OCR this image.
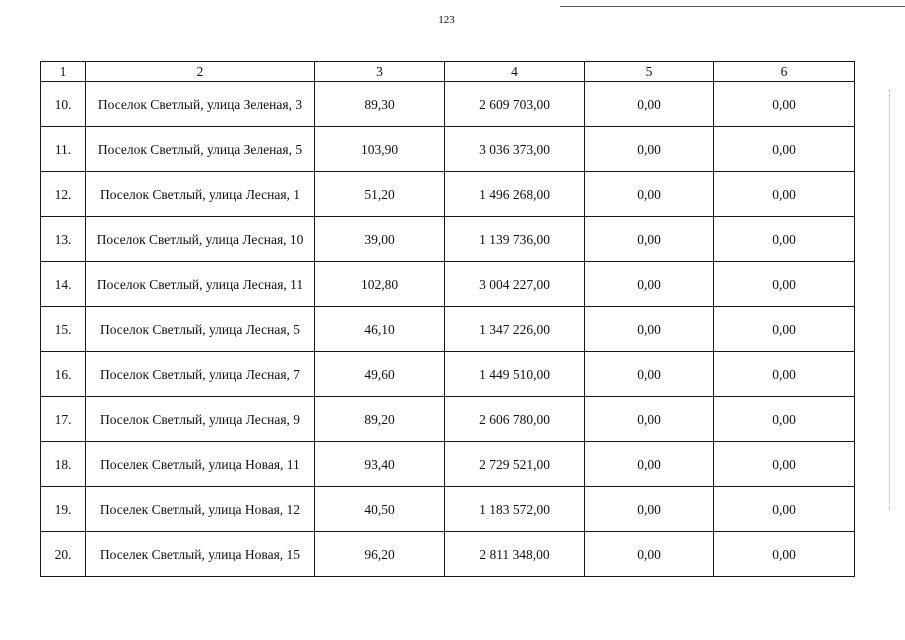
123
1	2	3	4	5	6
10.	Поселок Светлый, улица Зеленая, 3	89,30	2 609 703,00	0,00	0,00
11.	Поселок Светлый, улица Зеленая, 5	103,90	3 036 373,00	0,00	0,00
12.	Поселок Светлый, улица Лесная, 1	51,20	1 496 268,00	0,00	0,00
13.	Поселок Светлый, улица Лесная, 10	39,00	1 139 736,00	0,00	0,00
14.	Поселок Светлый, улица Лесная, 11	102,80	3 004 227,00	0,00	0,00
15.	Поселок Светлый, улица Лесная, 5	46,10	1 347 226,00	0,00	0,00
16.	Поселок Светлый, улица Лесная, 7	49,60	1 449 510,00	0,00	0,00
17.	Поселок Светлый, улица Лесная, 9	89,20	2 606 780,00	0,00	0,00
18.	Поселек Светлый, улица Новая, 11	93,40	2 729 521,00	0,00	0,00
19.	Поселек Светлый, улица Новая, 12	40,50	1 183 572,00	0,00	0,00
20.	Поселек Светлый, улица Новая, 15	96,20	2 811 348,00	0,00	0,00
